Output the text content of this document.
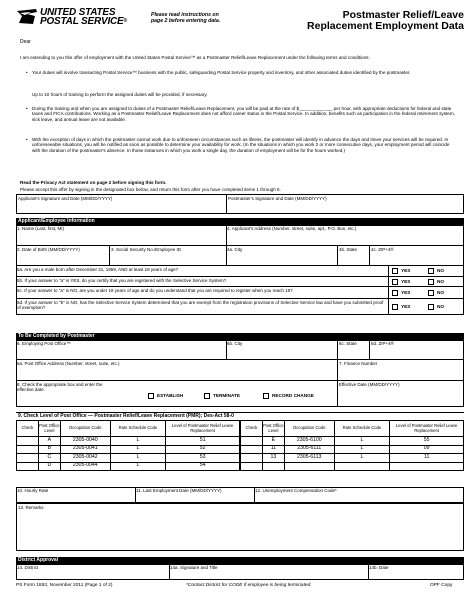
UNITED STATES
POSTAL SERVICE®
Please read instructions on page 2 before entering data.	Postmaster Relief/Leave
Replacement Employment Data
Dear
I am extending to you this offer of employment with the United States Postal Service™ as a Postmaster Relief/Leave Replacement under the following terms and conditions:
• Your duties will involve transacting Postal Service™ business with the public, safeguarding Postal Service property and inventory, and other associated duties identified by the postmaster.
Up to 10 hours of training to perform the assigned duties will be provided, if necessary.
• During the training and when you are assigned to duties of a Postmaster Relief/Leave Replacement, you will be paid at the rate of $_____________ per hour, with appropriate deductions for federal and state taxes and FICA contributions. Working as a Postmaster Relief/Leave Replacement does not afford career status in the Postal Service. In addition, benefits such as participation in the federal retirement system, sick leave, and annual leave are not available.
• With the exception of days in which the postmaster cannot work due to unforeseen circumstances such as illness, the postmaster will identify in advance the days and times your services will be required. In unforeseeable situations, you will be notified as soon as possible to determine your availability for work. (In the situations in which you work 2 or more consecutive days, your employment period will coincide with the duration of the postmaster's absence. In those instances in which you work a single day, the duration of employment will be for the hours worked.)
Read the Privacy Act statement on page 2 before signing this form.
Please accept this offer by signing in the designated box below, and return this form after you have completed items 1 through 5.
Applicant's Signature and Date (MM/DD/YYYY)	Postmaster's Signature and Date (MM/DD/YYYY)
Applicant/Employee Information
1. Name (Last, first, MI)	4. Applicant's Address (Number, street, suite, apt., P.O. Box, etc.)
2. Date of Birth (MM/DD/YYYY)	3. Social Security No./Employee ID	4a. City	4b. State	4c. ZIP+4®
5a. Are you a male born after December 31, 1959, AND at least 18 years of age?
5b. If your answer to "a" is YES, do you certify that you are registered with the Selective Service System?
5c. If your answer to "a" is NO, are you under 18 years of age and do you understand that you are required to register when you reach 18?
5d. If your answer to "b" is NO, has the Selective Service System determined that you are exempt from the registration provisions of Selective Service law and have you submitted proof of exemption?
YES	NO
YES	NO
YES	NO
YES	NO
To Be Completed by Postmaster
6. Employing Post Office™	6b. City	6c. State	6d. ZIP+4®
6a. Post Office Address (Number, street, suite, etc.)	7. Finance Number
8. Check the appropriate box and enter the effective date.
ESTABLISH	TERMINATE	RECORD CHANGE
Effective Date (MM/DD/YYYY)
9. Check Level of Post Office — Postmaster Relief/Leave Replacement (PMR); Des-Act 58-0
Check	Post Office Level	Occupation Code	Rate Schedule Code	Level of Postmaster Relief Leave Replacement
	A	2305-0040	L	51
	B	2305-0041	L	52
	C	2305-0042	L	53
	D	2305-0044	L	54
Check	Post Office Level	Occupation Code	Rate Schedule Code	Level of Postmaster Relief Leave Replacement
	E	2305-6100	L	55
	11	2305-6111	L	09
	13	2305-6113	L	11

10. Hourly Rate	11. Last Employment Date (MM/DD/YYYY)	12. Unemployment Compensation Code*
13. Remarks
District Approval
14. District	14a. Signature and Title	14b. Date
PS Form 1653, November 2011 (Page 1 of 2)	*Contact District for CODE if employee is being terminated.	OPF Copy
